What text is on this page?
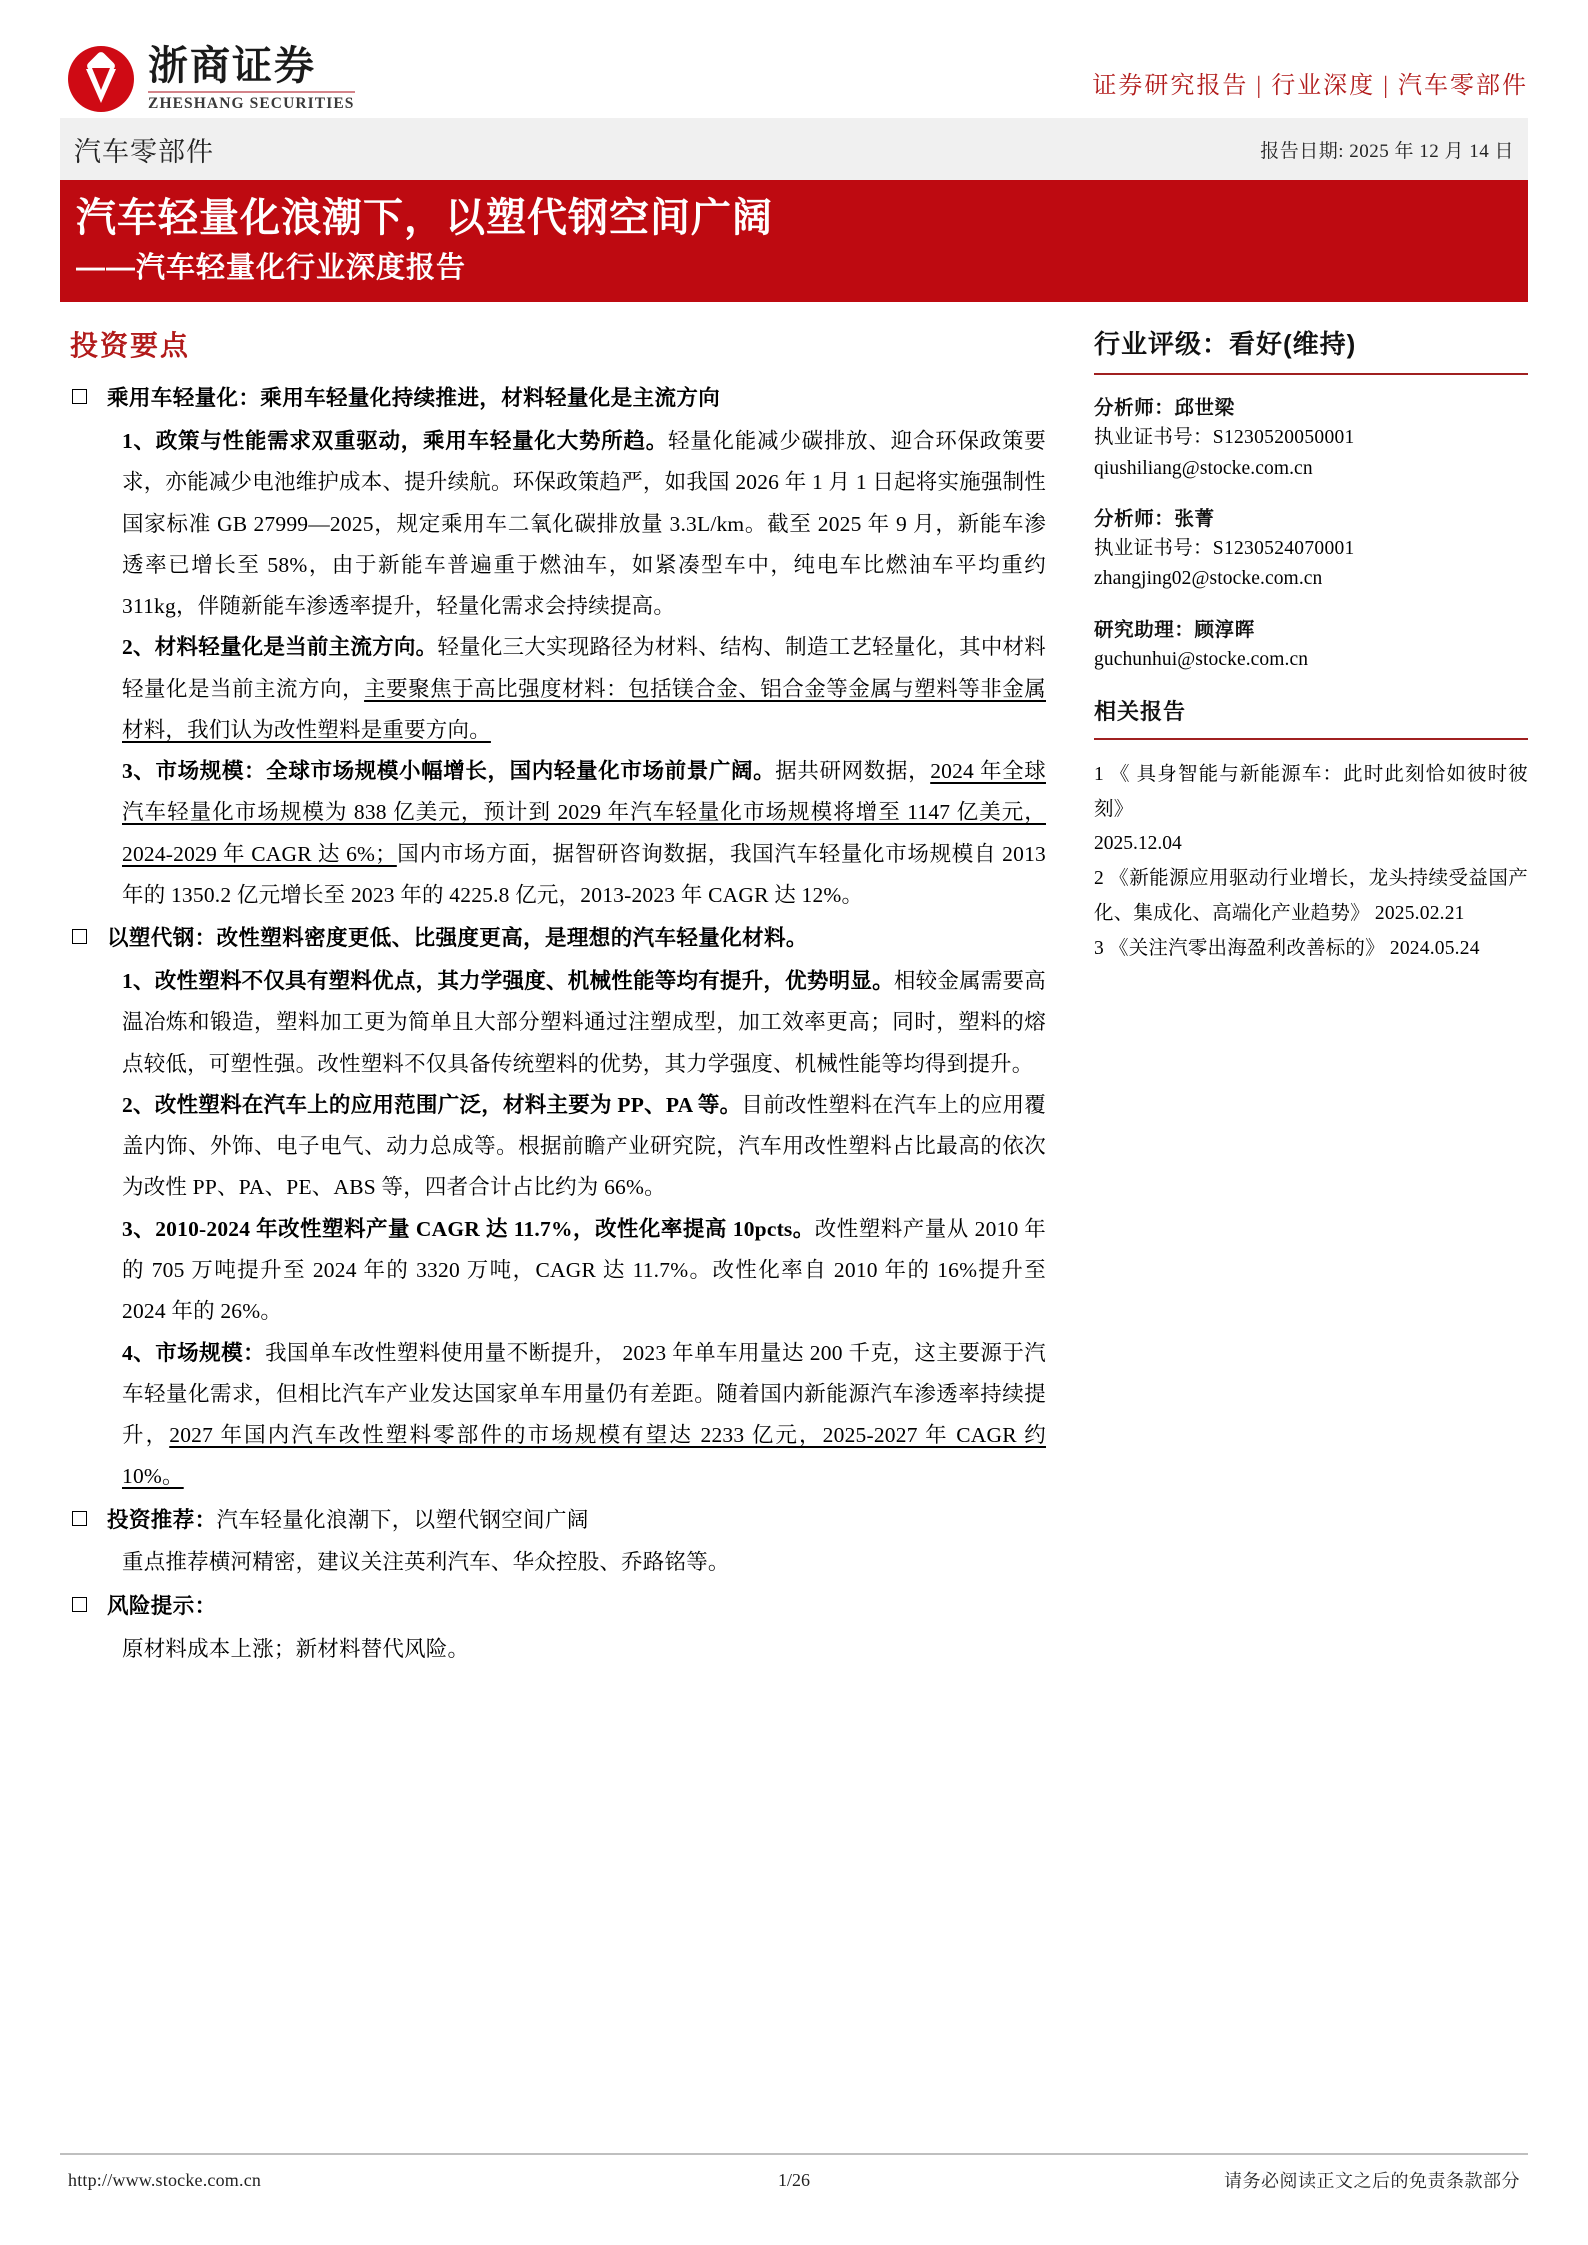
浙商证券
ZHESHANG SECURITIES
证券研究报告 | 行业深度 | 汽车零部件
汽车零部件	报告日期: 2025 年 12 月 14 日
汽车轻量化浪潮下，以塑代钢空间广阔
——汽车轻量化行业深度报告
投资要点
乘用车轻量化：乘用车轻量化持续推进，材料轻量化是主流方向

1、政策与性能需求双重驱动，乘用车轻量化大势所趋。轻量化能减少碳排放、迎合环保政策要求，亦能减少电池维护成本、提升续航。环保政策趋严，如我国 2026 年 1 月 1 日起将实施强制性国家标准 GB 27999—2025，规定乘用车二氧化碳排放量 3.3L/km。截至 2025 年 9 月，新能车渗透率已增长至 58%，由于新能车普遍重于燃油车，如紧凑型车中，纯电车比燃油车平均重约 311kg，伴随新能车渗透率提升，轻量化需求会持续提高。

2、材料轻量化是当前主流方向。轻量化三大实现路径为材料、结构、制造工艺轻量化，其中材料轻量化是当前主流方向，主要聚焦于高比强度材料：包括镁合金、铝合金等金属与塑料等非金属材料，我们认为改性塑料是重要方向。

3、市场规模：全球市场规模小幅增长，国内轻量化市场前景广阔。据共研网数据，2024 年全球汽车轻量化市场规模为 838 亿美元，预计到 2029 年汽车轻量化市场规模将增至 1147 亿美元，2024-2029 年 CAGR 达 6%；国内市场方面，据智研咨询数据，我国汽车轻量化市场规模自 2013 年的 1350.2 亿元增长至 2023 年的 4225.8 亿元，2013-2023 年 CAGR 达 12%。

以塑代钢：改性塑料密度更低、比强度更高，是理想的汽车轻量化材料。

1、改性塑料不仅具有塑料优点，其力学强度、机械性能等均有提升，优势明显。相较金属需要高温冶炼和锻造，塑料加工更为简单且大部分塑料通过注塑成型，加工效率更高；同时，塑料的熔点较低，可塑性强。改性塑料不仅具备传统塑料的优势，其力学强度、机械性能等均得到提升。

2、改性塑料在汽车上的应用范围广泛，材料主要为 PP、PA 等。目前改性塑料在汽车上的应用覆盖内饰、外饰、电子电气、动力总成等。根据前瞻产业研究院，汽车用改性塑料占比最高的依次为改性 PP、PA、PE、ABS 等，四者合计占比约为 66%。

3、2010-2024 年改性塑料产量 CAGR 达 11.7%，改性化率提高 10pcts。改性塑料产量从 2010 年的 705 万吨提升至 2024 年的 3320 万吨，CAGR 达 11.7%。改性化率自 2010 年的 16%提升至 2024 年的 26%。

4、市场规模：我国单车改性塑料使用量不断提升， 2023 年单车用量达 200 千克，这主要源于汽车轻量化需求，但相比汽车产业发达国家单车用量仍有差距。随着国内新能源汽车渗透率持续提升，2027 年国内汽车改性塑料零部件的市场规模有望达 2233 亿元，2025-2027 年 CAGR 约 10%。

投资推荐：汽车轻量化浪潮下，以塑代钢空间广阔

重点推荐横河精密，建议关注英利汽车、华众控股、乔路铭等。

风险提示：

原材料成本上涨；新材料替代风险。

行业评级：看好(维持)
分析师：邱世梁
执业证书号：S1230520050001
qiushiliang@stocke.com.cn
分析师：张菁
执业证书号：S1230524070001
zhangjing02@stocke.com.cn
研究助理：顾淳晖
guchunhui@stocke.com.cn
相关报告
1 《 具身智能与新能源车：此时此刻恰如彼时彼刻》
2025.12.04
2 《新能源应用驱动行业增长，龙头持续受益国产化、集成化、高端化产业趋势》 2025.02.21
3 《关注汽零出海盈利改善标的》 2024.05.24
http://www.stocke.com.cn	1/26	请务必阅读正文之后的免责条款部分
